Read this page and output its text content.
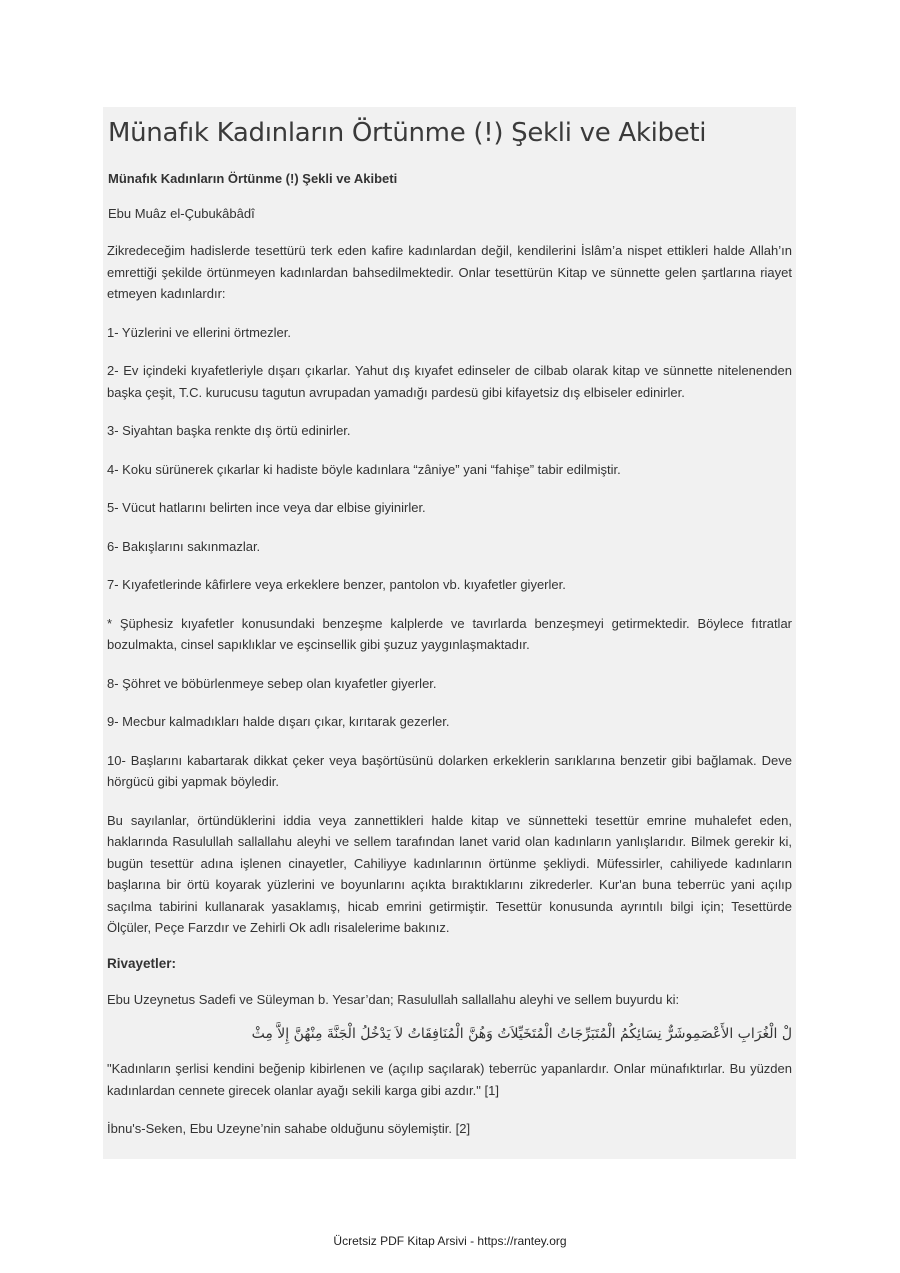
Münafık Kadınların Örtünme (!) Şekli ve Akibeti
Münafık Kadınların Örtünme (!) Şekli ve Akibeti
Ebu Muâz el-Çubukâbâdî

Zikredeceğim hadislerde tesettürü terk eden kafire kadınlardan değil, kendilerini İslâm’a nispet ettikleri halde Allah’ın emrettiği şekilde örtünmeyen kadınlardan bahsedilmektedir. Onlar tesettürün Kitap ve sünnette gelen şartlarına riayet etmeyen kadınlardır:

1- Yüzlerini ve ellerini örtmezler.

2- Ev içindeki kıyafetleriyle dışarı çıkarlar. Yahut dış kıyafet edinseler de cilbab olarak kitap ve sünnette nitelenenden başka çeşit, T.C. kurucusu tagutun avrupadan yamadığı pardesü gibi kifayetsiz dış elbiseler edinirler.

3- Siyahtan başka renkte dış örtü edinirler.

4- Koku sürünerek çıkarlar ki hadiste böyle kadınlara “zâniye” yani “fahişe” tabir edilmiştir.

5- Vücut hatlarını belirten ince veya dar elbise giyinirler.

6- Bakışlarını sakınmazlar.

7- Kıyafetlerinde kâfirlere veya erkeklere benzer, pantolon vb. kıyafetler giyerler.

* Şüphesiz kıyafetler konusundaki benzeşme kalplerde ve tavırlarda benzeşmeyi getirmektedir. Böylece fıtratlar bozulmakta, cinsel sapıklıklar ve eşcinsellik gibi şuzuz yaygınlaşmaktadır.

8- Şöhret ve böbürlenmeye sebep olan kıyafetler giyerler.

9- Mecbur kalmadıkları halde dışarı çıkar, kırıtarak gezerler.

10- Başlarını kabartarak dikkat çeker veya başörtüsünü dolarken erkeklerin sarıklarına benzetir gibi bağlamak. Deve hörgücü gibi yapmak böyledir.

Bu sayılanlar, örtündüklerini iddia veya zannettikleri halde kitap ve sünnetteki tesettür emrine muhalefet eden, haklarında Rasulullah sallallahu aleyhi ve sellem tarafından lanet varid olan kadınların yanlışlarıdır. Bilmek gerekir ki, bugün tesettür adına işlenen cinayetler, Cahiliyye kadınlarının örtünme şekliydi. Müfessirler, cahiliyede kadınların başlarına bir örtü koyarak yüzlerini ve boyunlarını açıkta bıraktıklarını zikrederler. Kur'an buna teberrüc yani açılıp saçılma tabirini kullanarak yasaklamış, hicab emrini getirmiştir. Tesettür konusunda ayrıntılı bilgi için; Tesettürde Ölçüler, Peçe Farzdır ve Zehirli Ok adlı risalelerime bakınız.

Rivayetler:

Ebu Uzeynetus Sadefi ve Süleyman b. Yesar’dan; Rasulullah sallallahu aleyhi ve sellem buyurdu ki:

لْ الْغُرَابِ الأَعْصَمِوشَرٌّ نِسَائِكُمُ الْمُتَبَرِّجَاتُ الْمُتَخَيِّلاَتُ وَهُنَّ الْمُنَافِقَاتُ لاَ يَدْخُلُ الْجَنَّةَ مِنْهُنَّ إِلاَّ مِثْ

"Kadınların şerlisi kendini beğenip kibirlenen ve (açılıp saçılarak) teberrüc yapanlardır. Onlar münafıktırlar. Bu yüzden kadınlardan cennete girecek olanlar ayağı sekili karga gibi azdır." [1]

İbnu's-Seken, Ebu Uzeyne’nin sahabe olduğunu söylemiştir. [2]

Ücretsiz PDF Kitap Arsivi - https://rantey.org
